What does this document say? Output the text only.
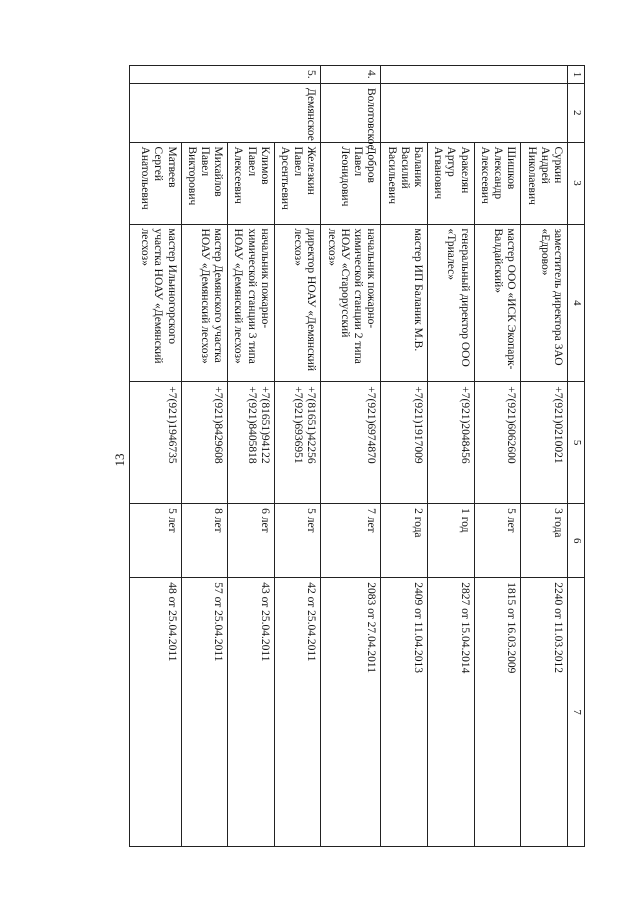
13
1	2	3	4	5	6	7
		Суркин
Андрей
Николаевич	заместитель директора ЗАО «Едрово»	+7(921)0210021	3 года	2240 от 11.03.2012
		Шишков
Александр
Алексеевич	мастер ООО «ИСК Экопарк-Валдайский»	+7(921)6062600	5 лет	1815 от 16.03.2009
		Аракелян
Артур Агванович	генеральный директор ООО «Триалес»	+7(921)2048456	1 год	2827 от 15.04.2014
		Баланик
Василий
Васильевич	мастер ИП Баланик М.В.	+7(921)1917009	2 года	2409 от 11.04.2013
4.	Волотовское	Добров
Павел
Леонидович	начальник пожарно-химической станции 2 типа НОАУ «Старорусский лесхоз»	+7(921)6974870	7 лет	2083 от 27.04.2011
5.	Демянское	Железкин
Павел
Арсентьевич	директор НОАУ «Демянский лесхоз»	+7(81651)42256
+7(921)6936951	5 лет	42 от 25.04.2011
		Климов
Павел
Алексеевич	начальник пожарно-химической станции 3 типа НОАУ «Демянский лесхоз»	+7(81651)94122
+7(921)8405818	6 лет	43 от 25.04.2011
		Михайлов
Павел
Викторович	мастер Демянского участка НОАУ «Демянский лесхоз»	+7(921)8429608	8 лет	57 от 25.04.2011
		Матвеев
Сергей
Анатольевич	мастер Ильиногорского участка НОАУ «Демянский лесхоз»	+7(921)1946735	5 лет	48 от 25.04.2011
